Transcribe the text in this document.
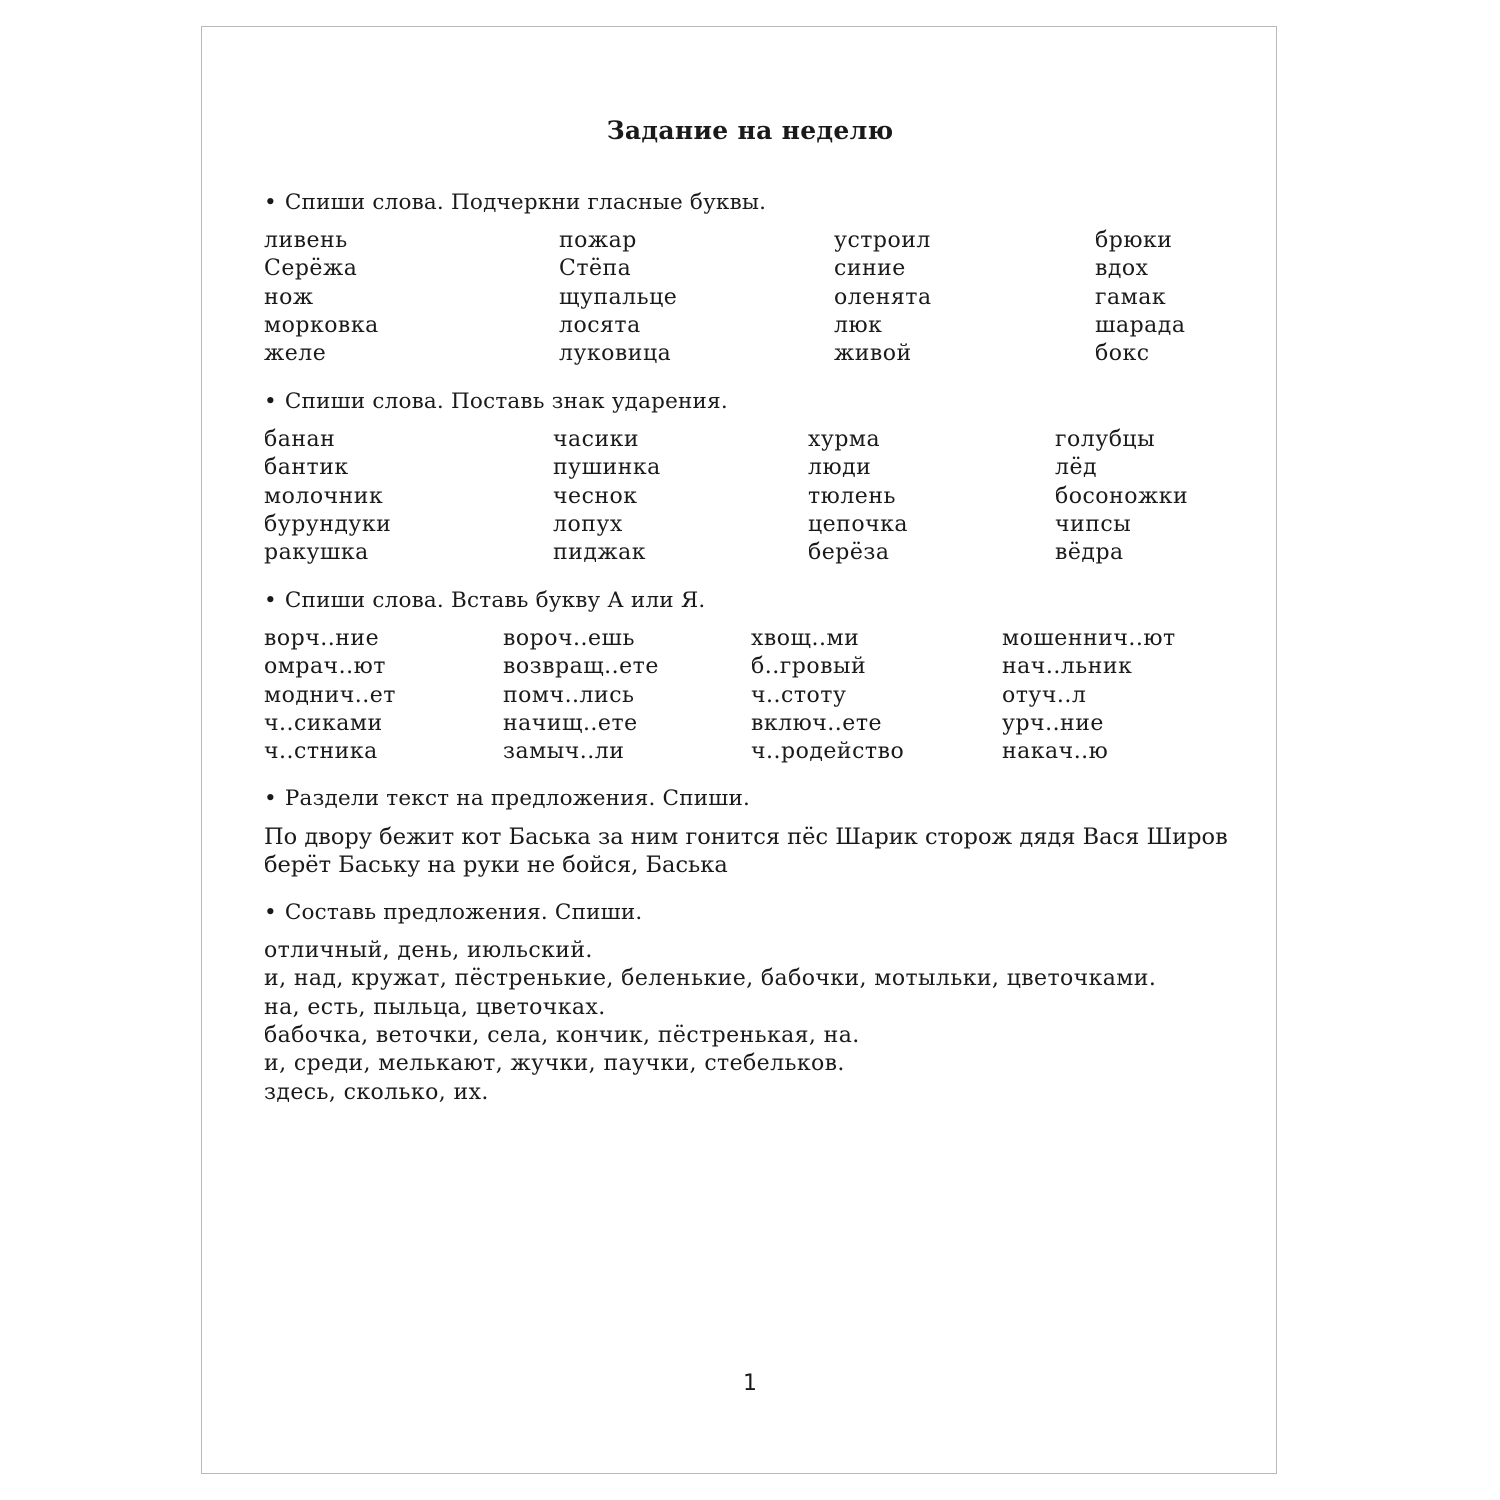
Задание на неделю
• Спиши слова. Подчеркни гласные буквы.
ливень	пожар	устроил	брюки
Серёжа	Стёпа	синие	вдох
нож	щупальце	оленята	гамак
морковка	лосята	люк	шарада
желе	луковица	живой	бокс
• Спиши слова. Поставь знак ударения.
банан	часики	хурма	голубцы
бантик	пушинка	люди	лёд
молочник	чеснок	тюлень	босоножки
бурундуки	лопух	цепочка	чипсы
ракушка	пиджак	берёза	вёдра
• Спиши слова. Вставь букву А или Я.
ворч..ние	вороч..ешь	хвощ..ми	мошеннич..ют
омрач..ют	возвращ..ете	б..гровый	нач..льник
моднич..ет	помч..лись	ч..стоту	отуч..л
ч..сиками	начищ..ете	включ..ете	урч..ние
ч..стника	замыч..ли	ч..родейство	накач..ю
• Раздели текст на предложения. Спиши.
По двору бежит кот Баська за ним гонится пёс Шарик сторож дядя Вася Широв
берёт Баську на руки не бойся, Баська
• Составь предложения. Спиши.
отличный, день, июльский.
и, над, кружат, пёстренькие, беленькие, бабочки, мотыльки, цветочками.
на, есть, пыльца, цветочках.
бабочка, веточки, села, кончик, пёстренькая, на.
и, среди, мелькают, жучки, паучки, стебельков.
здесь, сколько, их.
1
